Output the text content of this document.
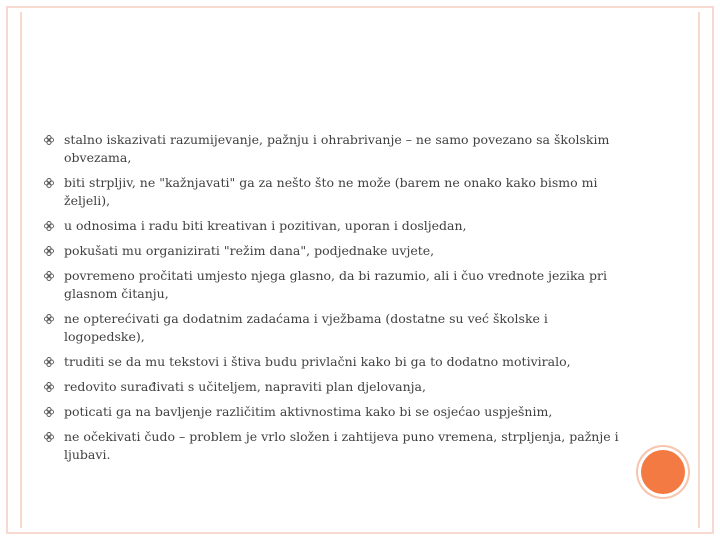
stalno iskazivati razumijevanje, pažnju i ohrabrivanje – ne samo povezano sa školskim obvezama,
biti strpljiv, ne "kažnjavati" ga za nešto što ne može (barem ne onako kako bismo mi željeli),
u odnosima i radu biti kreativan i pozitivan, uporan i dosljedan,
pokušati mu organizirati "režim dana", podjednake uvjete,
povremeno pročitati umjesto njega glasno, da bi razumio, ali i čuo vrednote jezika pri glasnom čitanju,
ne opterećivati ga dodatnim zadaćama i vježbama (dostatne su već školske i logopedske),
truditi se da mu tekstovi i štiva budu privlačni kako bi ga to dodatno motiviralo,
redovito surađivati s učiteljem, napraviti plan djelovanja,
poticati ga na bavljenje različitim aktivnostima kako bi se osjećao uspješnim,
ne očekivati čudo – problem je vrlo složen i zahtijeva puno vremena, strpljenja, pažnje i ljubavi.
